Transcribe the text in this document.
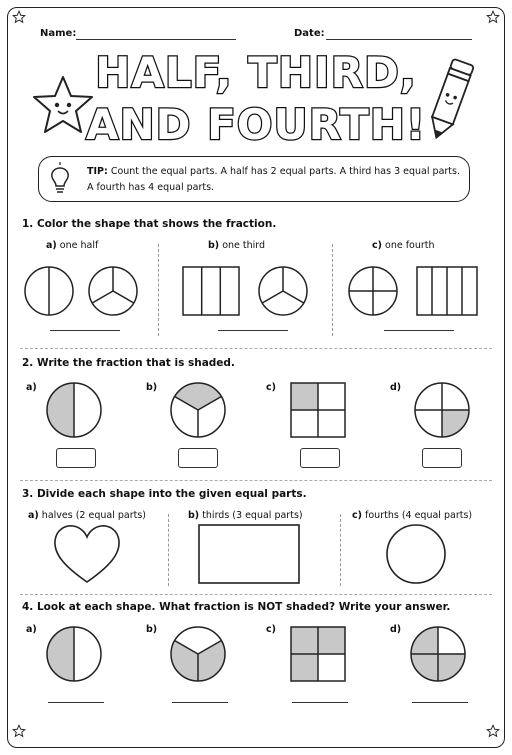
Name:	Date:
HALF, THIRD,
AND FOURTH!
TIP: Count the equal parts. A half has 2 equal parts. A third has 3 equal parts.
A fourth has 4 equal parts.
1. Color the shape that shows the fraction.
a) one half	b) one third	c) one fourth
2. Write the fraction that is shaded.
a)	b)	c)	d)
3. Divide each shape into the given equal parts.
a) halves (2 equal parts)	b) thirds (3 equal parts)	c) fourths (4 equal parts)
4. Look at each shape. What fraction is NOT shaded? Write your answer.
a)	b)	c)	d)
